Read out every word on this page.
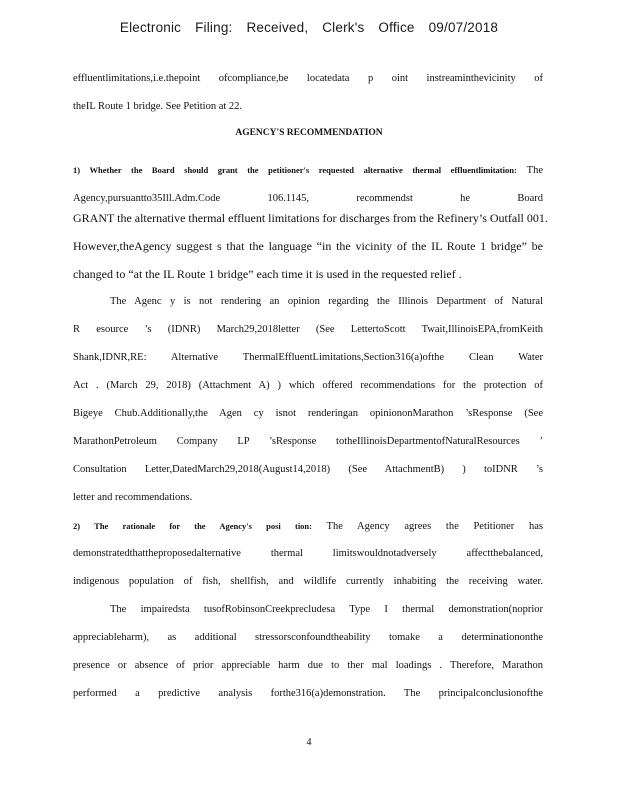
Electronic Filing: Received, Clerk's Office 09/07/2018
effluentlimitations,i.e.thepoint ofcompliance,be locatedata p oint instreaminthevicinity of
theIL Route 1 bridge. See Petition at 22.
AGENCY'S RECOMMENDATION
1) Whether the Board should grant the petitioner's requested alternative thermal effluentlimitation: The Agency,pursuantto35Ill.Adm.Code 106.1145, recommendst he Board
GRANT the alternative thermal effluent limitations for discharges from the Refinery’s Outfall 001.
However,theAgency suggest s that the language “in the vicinity of the IL Route 1 bridge” be
changed to “at the IL Route 1 bridge” each time it is used in the requested relief .
The Agenc y is not rendering an opinion regarding the Illinois Department of Natural
R esource ’s (IDNR) March29,2018letter (See LettertoScott Twait,IllinoisEPA,fromKeith
Shank,IDNR,RE: Alternative ThermalEffluentLimitations,Section316(a)ofthe Clean Water
Act . (March 29, 2018) (Attachment A) ) which offered recommendations for the protection of
Bigeye Chub.Additionally,the Agen cy isnot renderingan opiniononMarathon ’sResponse (See
MarathonPetroleum Company LP ’sResponse totheIllinoisDepartmentofNaturalResources ’
Consultation Letter,DatedMarch29,2018(August14,2018) (See AttachmentB) ) toIDNR ’s
letter and recommendations.
2) The rationale for the Agency's posi tion: The Agency agrees the Petitioner has
demonstratedthattheproposedalternative thermal limitswouldnotadversely affectthebalanced,
indigenous population of fish, shellfish, and wildlife currently inhabiting the receiving water.
The impairedsta tusofRobinsonCreekprecludesa Type I thermal demonstration(noprior
appreciableharm), as additional stressorsconfoundtheability tomake a determinationonthe
presence or absence of prior appreciable harm due to ther mal loadings . Therefore, Marathon
performed a predictive analysis forthe316(a)demonstration. The principalconclusionofthe
4
